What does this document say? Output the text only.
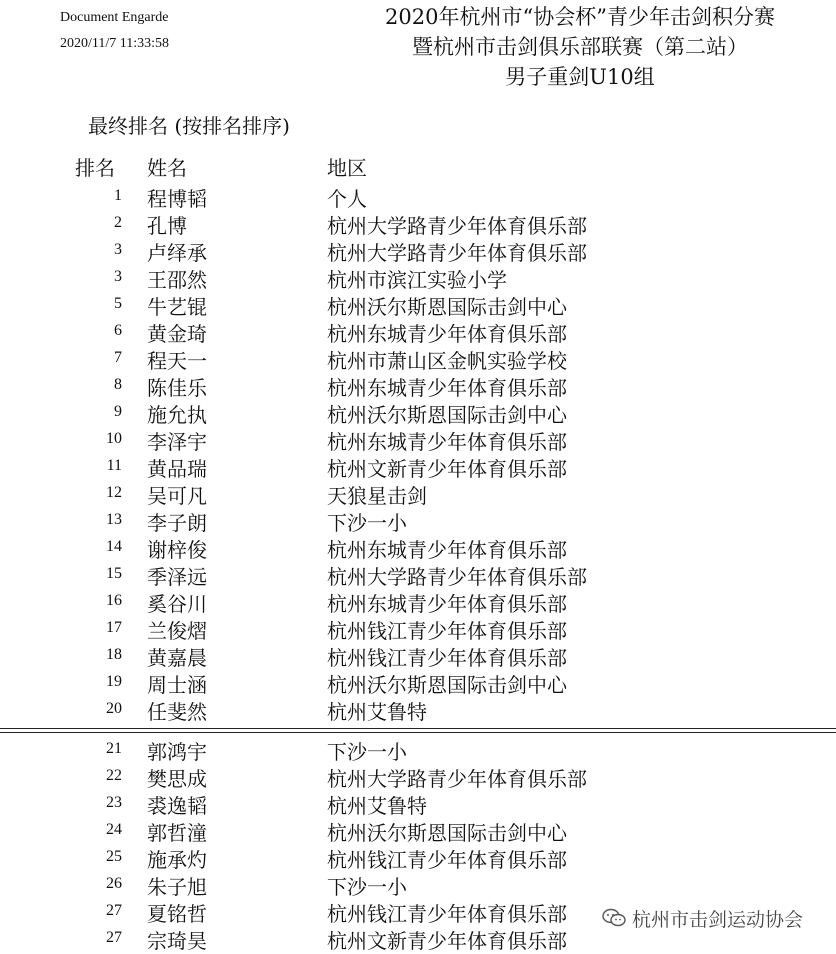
Document Engarde
2020/11/7 11:33:58
2020年杭州市“协会杯”青少年击剑积分赛
暨杭州市击剑俱乐部联赛（第二站）
男子重剑U10组
最终排名 (按排名排序)
排名 姓名	地区
1 程博韬	个人
2 孔博	杭州大学路青少年体育俱乐部
3 卢绎承	杭州大学路青少年体育俱乐部
3 王邵然	杭州市滨江实验小学
5 牛艺锟	杭州沃尔斯恩国际击剑中心
6 黄金琦	杭州东城青少年体育俱乐部
7 程天一	杭州市萧山区金帆实验学校
8 陈佳乐	杭州东城青少年体育俱乐部
9 施允执	杭州沃尔斯恩国际击剑中心
10 李泽宇	杭州东城青少年体育俱乐部
11 黄品瑞	杭州文新青少年体育俱乐部
12 吴可凡	天狼星击剑
13 李子朗	下沙一小
14 谢梓俊	杭州东城青少年体育俱乐部
15 季泽远	杭州大学路青少年体育俱乐部
16 奚谷川	杭州东城青少年体育俱乐部
17 兰俊熠	杭州钱江青少年体育俱乐部
18 黄嘉晨	杭州钱江青少年体育俱乐部
19 周士涵	杭州沃尔斯恩国际击剑中心
20 任斐然	杭州艾鲁特
21 郭鸿宇	下沙一小
22 樊思成	杭州大学路青少年体育俱乐部
23 裘逸韬	杭州艾鲁特
24 郭哲潼	杭州沃尔斯恩国际击剑中心
25 施承灼	杭州钱江青少年体育俱乐部
26 朱子旭	下沙一小
27 夏铭哲	杭州钱江青少年体育俱乐部
27 宗琦昊	杭州文新青少年体育俱乐部
杭州市击剑运动协会
